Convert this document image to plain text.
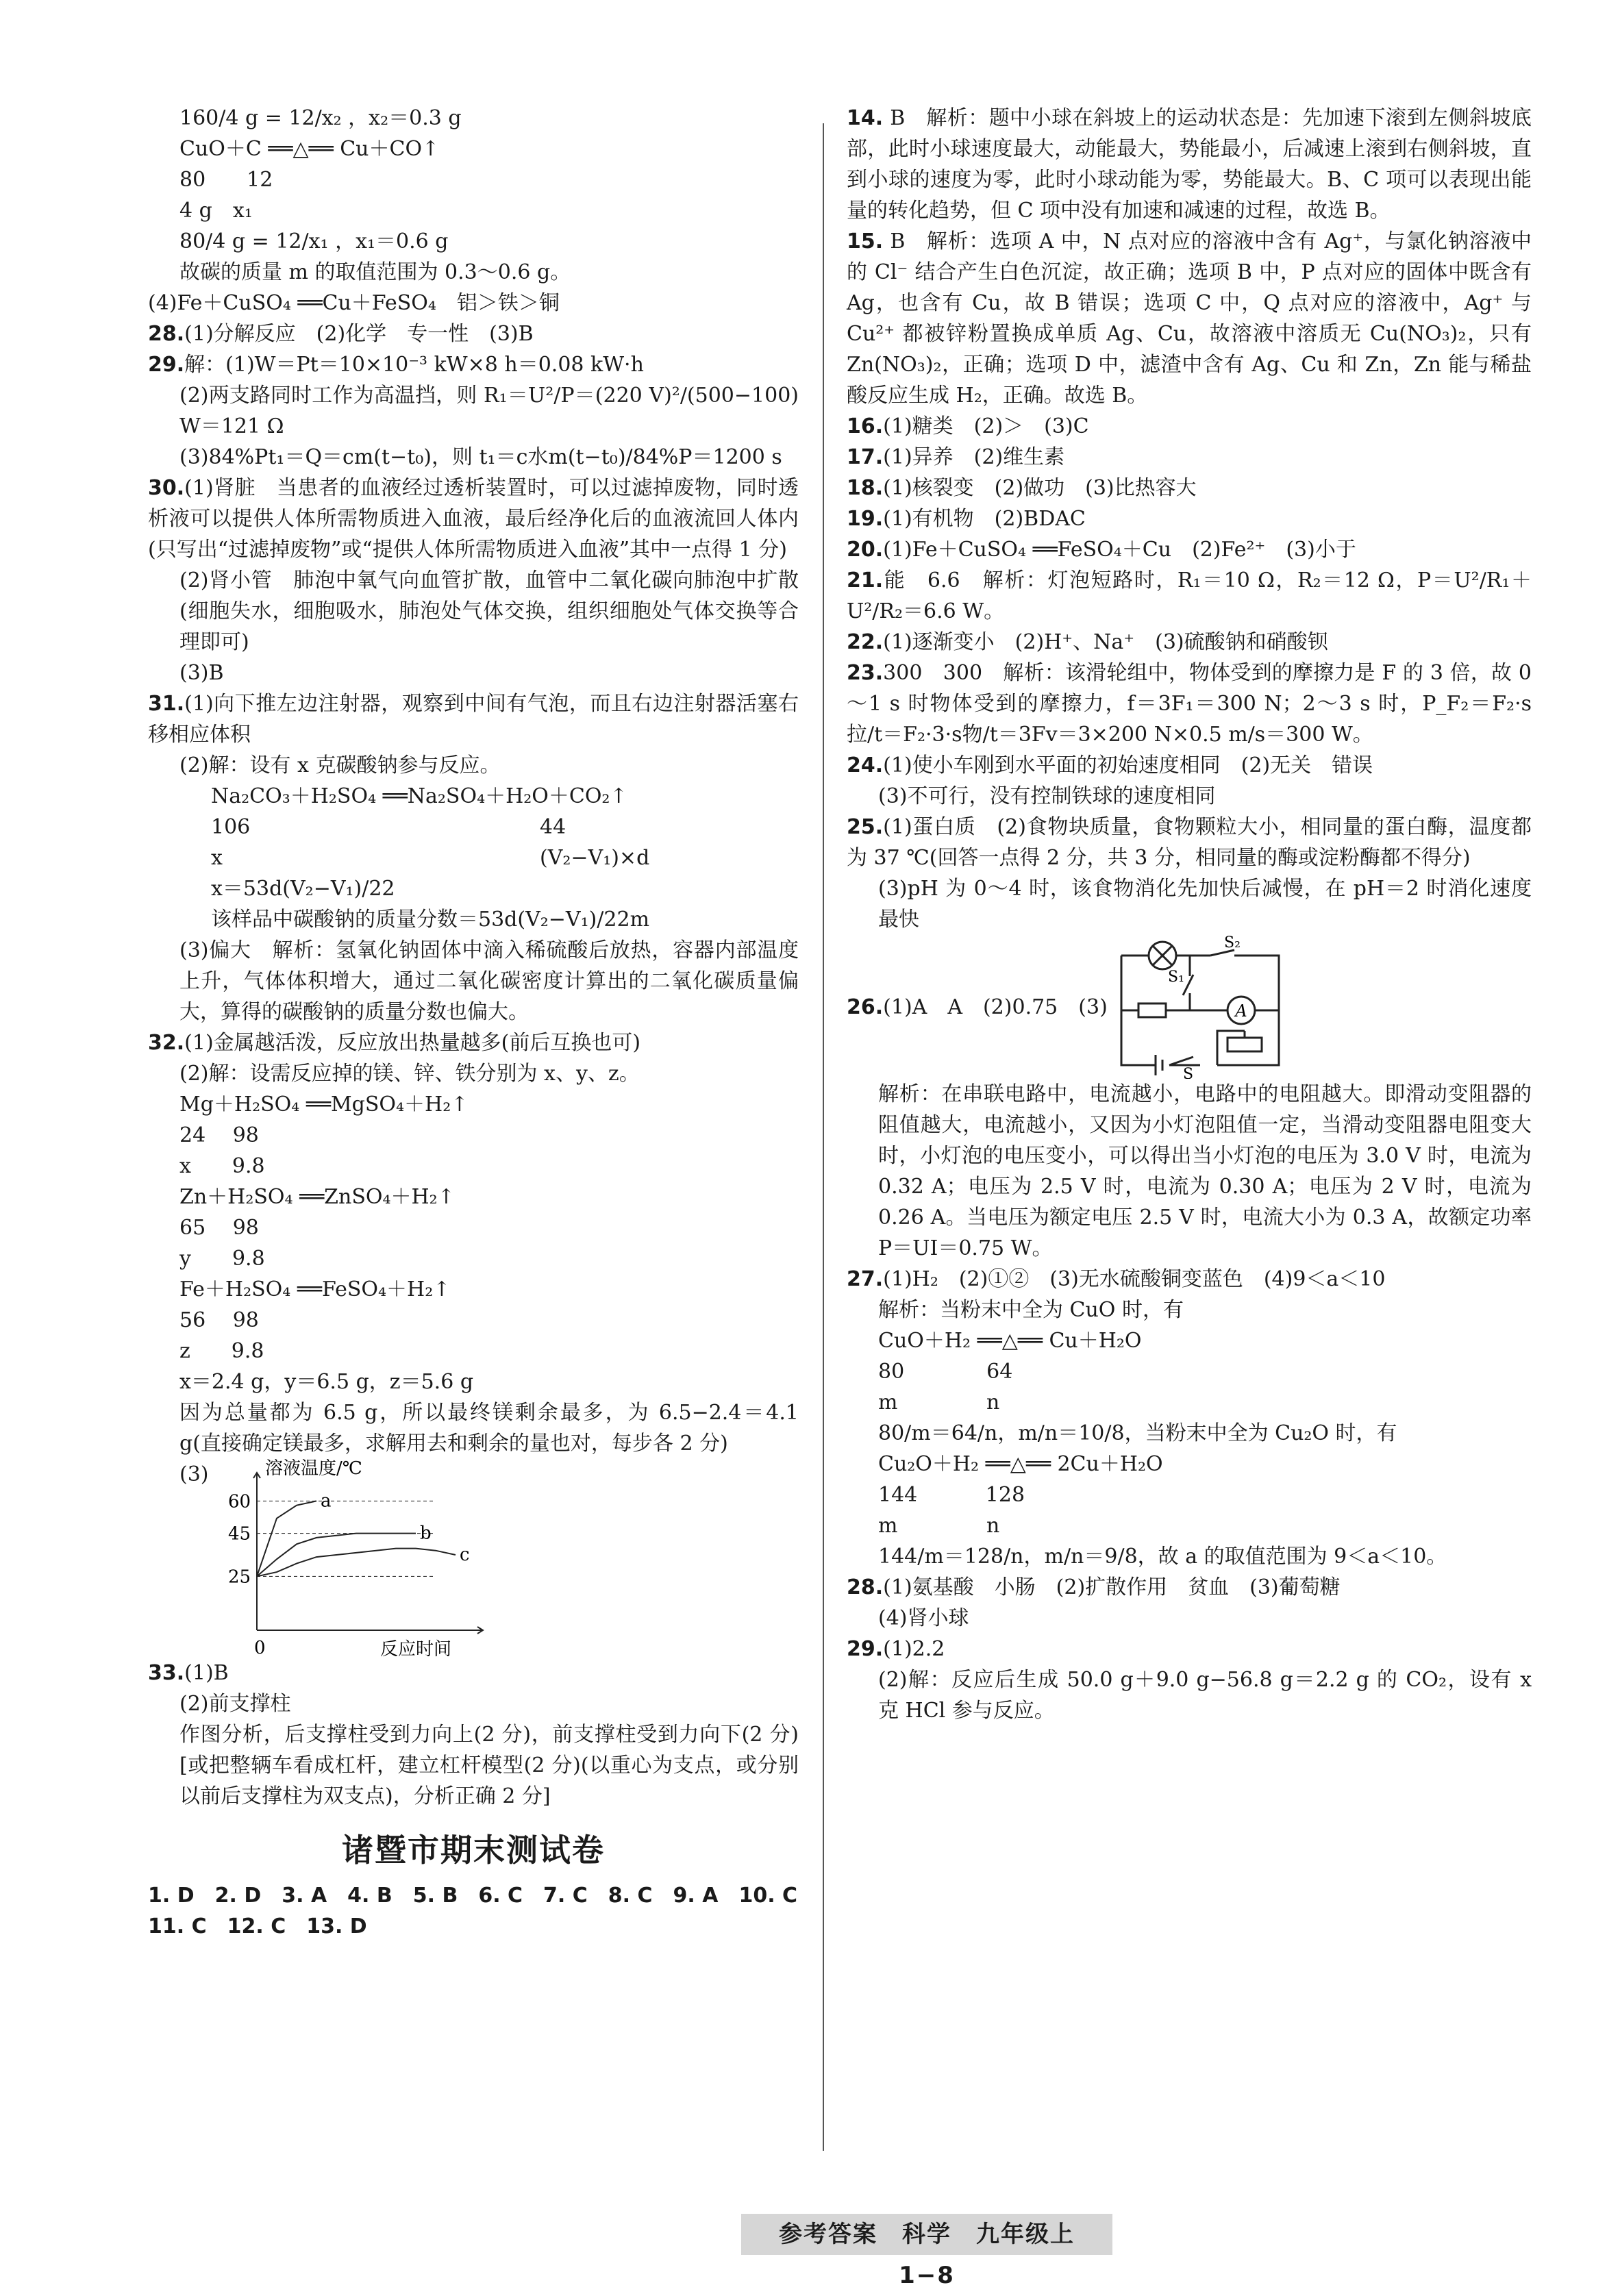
160/4 g = 12/x₂ ，x₂＝0.3 g
CuO＋C ══△══ Cu＋CO↑
80　　12
4 g　x₁
80/4 g = 12/x₁ ，x₁＝0.6 g
故碳的质量 m 的取值范围为 0.3～0.6 g。
(4)Fe＋CuSO₄ ══Cu＋FeSO₄　铝＞铁＞铜
28.(1)分解反应　(2)化学　专一性　(3)B
29.解：(1)W＝Pt＝10×10⁻³ kW×8 h＝0.08 kW·h
(2)两支路同时工作为高温挡，则 R₁＝U²/P＝(220 V)²/(500−100) W＝121 Ω
(3)84%Pt₁＝Q＝cm(t−t₀)，则 t₁＝c水m(t−t₀)/84%P＝1200 s
30.(1)肾脏　当患者的血液经过透析装置时，可以过滤掉废物，同时透析液可以提供人体所需物质进入血液，最后经净化后的血液流回人体内(只写出“过滤掉废物”或“提供人体所需物质进入血液”其中一点得 1 分)
(2)肾小管　肺泡中氧气向血管扩散，血管中二氧化碳向肺泡中扩散(细胞失水，细胞吸水，肺泡处气体交换，组织细胞处气体交换等合理即可)
(3)B
31.(1)向下推左边注射器，观察到中间有气泡，而且右边注射器活塞右移相应体积
(2)解：设有 x 克碳酸钠参与反应。
Na₂CO₃＋H₂SO₄ ══Na₂SO₄＋H₂O＋CO₂↑
106	44
x	(V₂−V₁)×d
x＝53d(V₂−V₁)/22
该样品中碳酸钠的质量分数＝53d(V₂−V₁)/22m
(3)偏大　解析：氢氧化钠固体中滴入稀硫酸后放热，容器内部温度上升，气体体积增大，通过二氧化碳密度计算出的二氧化碳质量偏大，算得的碳酸钠的质量分数也偏大。
32.(1)金属越活泼，反应放出热量越多(前后互换也可)
(2)解：设需反应掉的镁、锌、铁分别为 x、y、z。
Mg＋H₂SO₄ ══MgSO₄＋H₂↑
24　 98
x　　9.8
Zn＋H₂SO₄ ══ZnSO₄＋H₂↑
65　 98
y　　9.8
Fe＋H₂SO₄ ══FeSO₄＋H₂↑
56　 98
z　　9.8
x＝2.4 g，y＝6.5 g，z＝5.6 g
因为总量都为 6.5 g，所以最终镁剩余最多，为 6.5−2.4＝4.1 g(直接确定镁最多，求解用去和剩余的量也对，每步各 2 分)
(3)	溶液温度/℃
反应时间
0
25
45
60	a
b
c
33.(1)B
(2)前支撑柱
作图分析，后支撑柱受到力向上(2 分)，前支撑柱受到力向下(2 分)[或把整辆车看成杠杆，建立杠杆模型(2 分)(以重心为支点，或分别以前后支撑柱为双支点)，分析正确 2 分]
诸暨市期末测试卷
1. D　2. D　3. A　4. B　5. B　6. C　7. C　8. C　9. A　10. C
11. C　12. C　13. D
14. B　解析：题中小球在斜坡上的运动状态是：先加速下滚到左侧斜坡底部，此时小球速度最大，动能最大，势能最小，后减速上滚到右侧斜坡，直到小球的速度为零，此时小球动能为零，势能最大。B、C 项可以表现出能量的转化趋势，但 C 项中没有加速和减速的过程，故选 B。
15. B　解析：选项 A 中，N 点对应的溶液中含有 Ag⁺，与氯化钠溶液中的 Cl⁻ 结合产生白色沉淀，故正确；选项 B 中，P 点对应的固体中既含有 Ag，也含有 Cu，故 B 错误；选项 C 中，Q 点对应的溶液中，Ag⁺ 与 Cu²⁺ 都被锌粉置换成单质 Ag、Cu，故溶液中溶质无 Cu(NO₃)₂，只有 Zn(NO₃)₂，正确；选项 D 中，滤渣中含有 Ag、Cu 和 Zn，Zn 能与稀盐酸反应生成 H₂，正确。故选 B。
16.(1)糖类　(2)＞　(3)C
17.(1)异养　(2)维生素
18.(1)核裂变　(2)做功　(3)比热容大
19.(1)有机物　(2)BDAC
20.(1)Fe＋CuSO₄ ══FeSO₄＋Cu　(2)Fe²⁺　(3)小于
21.能　6.6　解析：灯泡短路时，R₁＝10 Ω，R₂＝12 Ω，P＝U²/R₁＋U²/R₂＝6.6 W。
22.(1)逐渐变小　(2)H⁺、Na⁺　(3)硫酸钠和硝酸钡
23.300　300　解析：该滑轮组中，物体受到的摩擦力是 F 的 3 倍，故 0～1 s 时物体受到的摩擦力，f＝3F₁＝300 N；2～3 s 时，P_F₂＝F₂·s拉/t＝F₂·3·s物/t＝3Fv＝3×200 N×0.5 m/s＝300 W。
24.(1)使小车刚到水平面的初始速度相同　(2)无关　错误
(3)不可行，没有控制铁球的速度相同
25.(1)蛋白质　(2)食物块质量，食物颗粒大小，相同量的蛋白酶，温度都为 37 ℃(回答一点得 2 分，共 3 分，相同量的酶或淀粉酶都不得分)
(3)pH 为 0～4 时，该食物消化先加快后减慢，在 pH＝2 时消化速度最快
26.(1)A　A　(2)0.75　(3)	A
S₂
S₁
S
解析：在串联电路中，电流越小，电路中的电阻越大。即滑动变阻器的阻值越大，电流越小，又因为小灯泡阻值一定，当滑动变阻器电阻变大时，小灯泡的电压变小，可以得出当小灯泡的电压为 3.0 V 时，电流为 0.32 A；电压为 2.5 V 时，电流为 0.30 A；电压为 2 V 时，电流为 0.26 A。当电压为额定电压 2.5 V 时，电流大小为 0.3 A，故额定功率 P＝UI＝0.75 W。
27.(1)H₂　(2)①②　(3)无水硫酸铜变蓝色　(4)9＜a＜10
解析：当粉末中全为 CuO 时，有
CuO＋H₂ ══△══ Cu＋H₂O
80　　　　64
m　　　　 n
80/m＝64/n，m/n＝10/8，当粉末中全为 Cu₂O 时，有
Cu₂O＋H₂ ══△══ 2Cu＋H₂O
144　　　 128
m　　　　 n
144/m＝128/n，m/n＝9/8，故 a 的取值范围为 9＜a＜10。
28.(1)氨基酸　小肠　(2)扩散作用　贫血　(3)葡萄糖
(4)肾小球
29.(1)2.2
(2)解：反应后生成 50.0 g＋9.0 g−56.8 g＝2.2 g 的 CO₂，设有 x 克 HCl 参与反应。
参考答案　科学　九年级上　1−8
